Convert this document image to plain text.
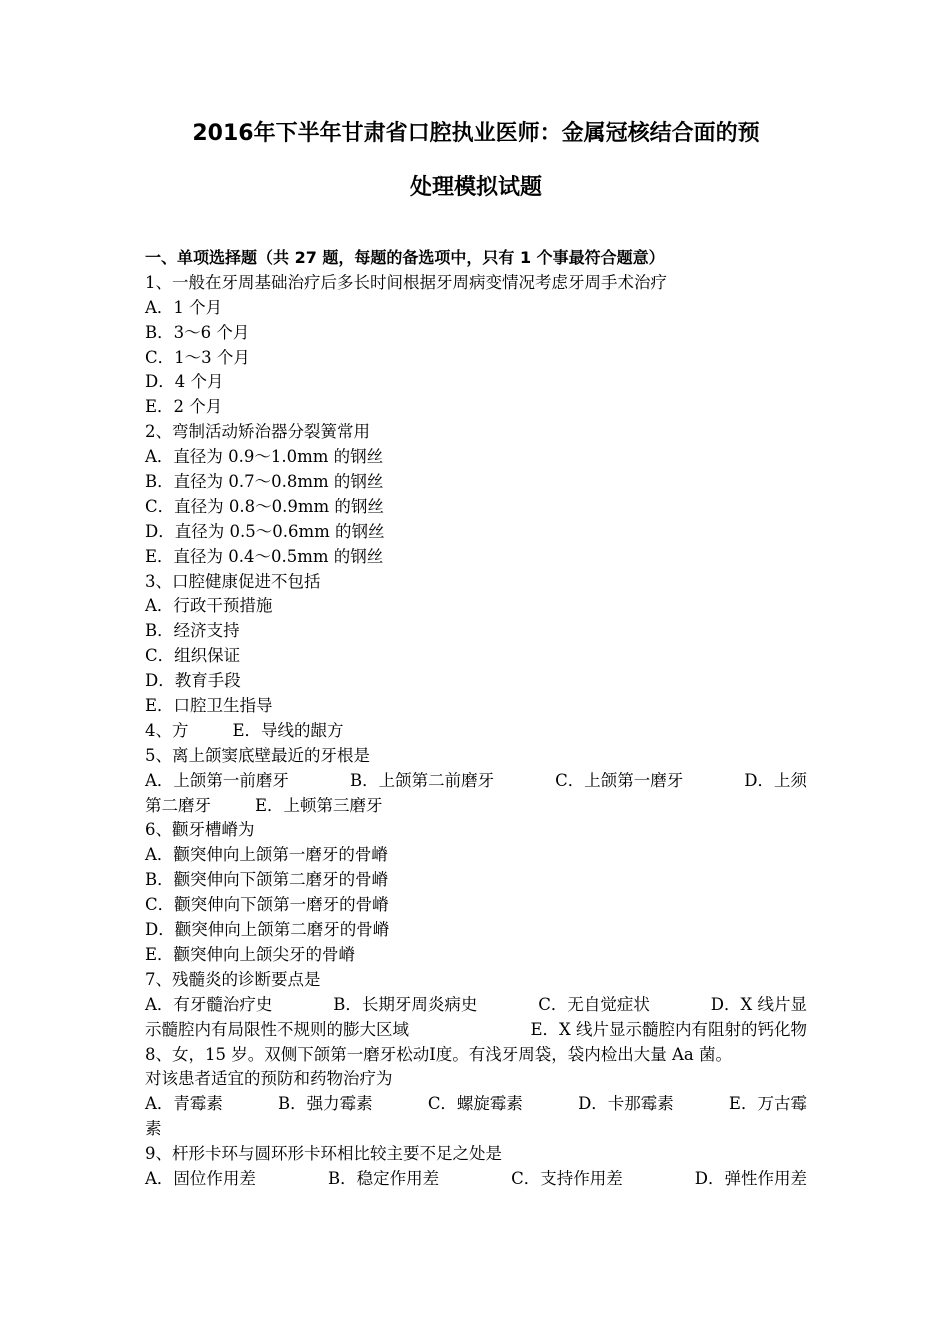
2016年下半年甘肃省口腔执业医师：金属冠核结合面的预
处理模拟试题
一、单项选择题（共 27 题，每题的备选项中，只有 1 个事最符合题意）
1、一般在牙周基础治疗后多长时间根据牙周病变情况考虑牙周手术治疗
A．1 个月
B．3～6 个月
C．1～3 个月
D．4 个月
E．2 个月
2、弯制活动矫治器分裂簧常用
A．直径为 0.9～1.0mm 的钢丝
B．直径为 0.7～0.8mm 的钢丝
C．直径为 0.8～0.9mm 的钢丝
D．直径为 0.5～0.6mm 的钢丝
E．直径为 0.4～0.5mm 的钢丝
3、口腔健康促进不包括
A．行政干预措施
B．经济支持
C．组织保证
D．教育手段
E．口腔卫生指导
4、方	E．导线的龈方
5、离上颌窦底壁最近的牙根是
A．上颌第一前磨牙	B．上颌第二前磨牙	C．上颌第一磨牙	D．上须
第二磨牙	E．上顿第三磨牙
6、颧牙槽嵴为
A．颧突伸向上颌第一磨牙的骨嵴
B．颧突伸向下颌第二磨牙的骨嵴
C．颧突伸向下颌第一磨牙的骨嵴
D．颧突伸向上颌第二磨牙的骨嵴
E．颧突伸向上颌尖牙的骨嵴
7、残髓炎的诊断要点是
A．有牙髓治疗史	B．长期牙周炎病史	C．无自觉症状	D．X 线片显
示髓腔内有局限性不规则的膨大区域	E．X 线片显示髓腔内有阻射的钙化物
8、女，15 岁。双侧下颌第一磨牙松动Ⅰ度。有浅牙周袋，袋内检出大量 Aa 菌。
对该患者适宜的预防和药物治疗为
A．青霉素	B．强力霉素	C．螺旋霉素	D．卡那霉素	E．万古霉
素
9、杆形卡环与圆环形卡环相比较主要不足之处是
A．固位作用差	B．稳定作用差	C．支持作用差	D．弹性作用差
